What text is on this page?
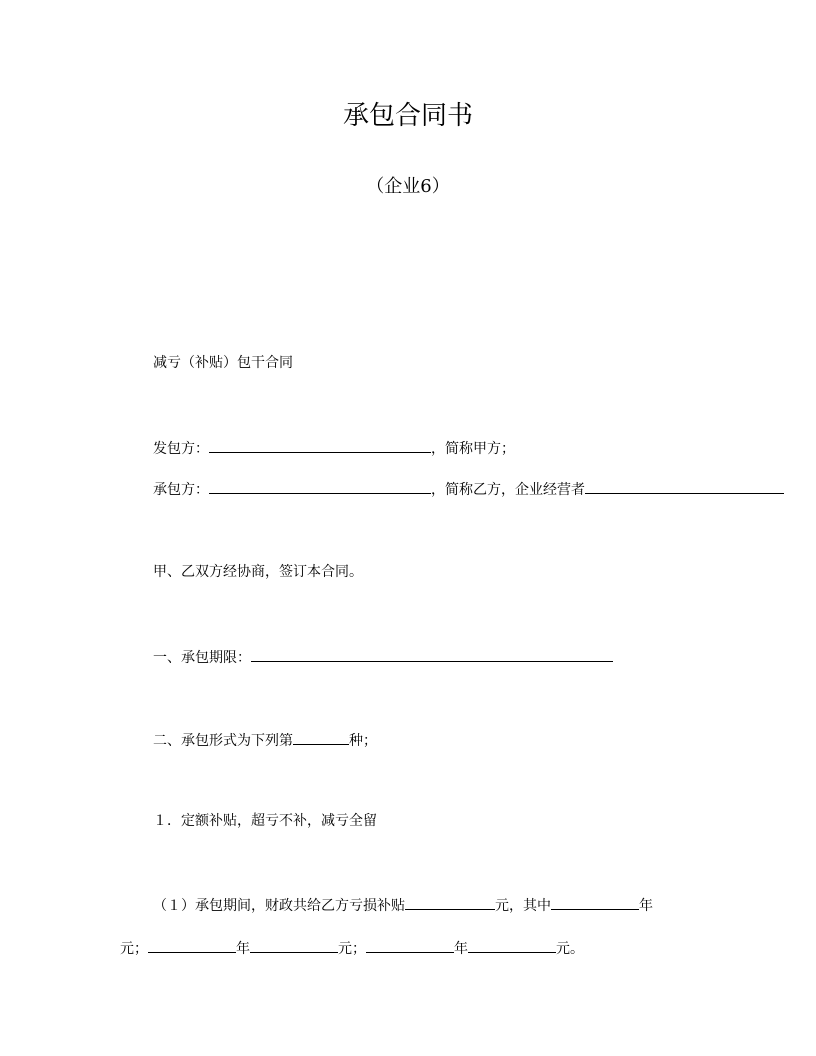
承包合同书
（企业6）
减亏（补贴）包干合同
发包方：	，简称甲方；
承包方：	，简称乙方，企业经营者
甲、乙双方经协商，签订本合同。
一、承包期限：
二、承包形式为下列第	种；
１．定额补贴，超亏不补，减亏全留
（１）承包期间，财政共给乙方亏损补贴	元，其中	年
元；	年	元；	年	元。
